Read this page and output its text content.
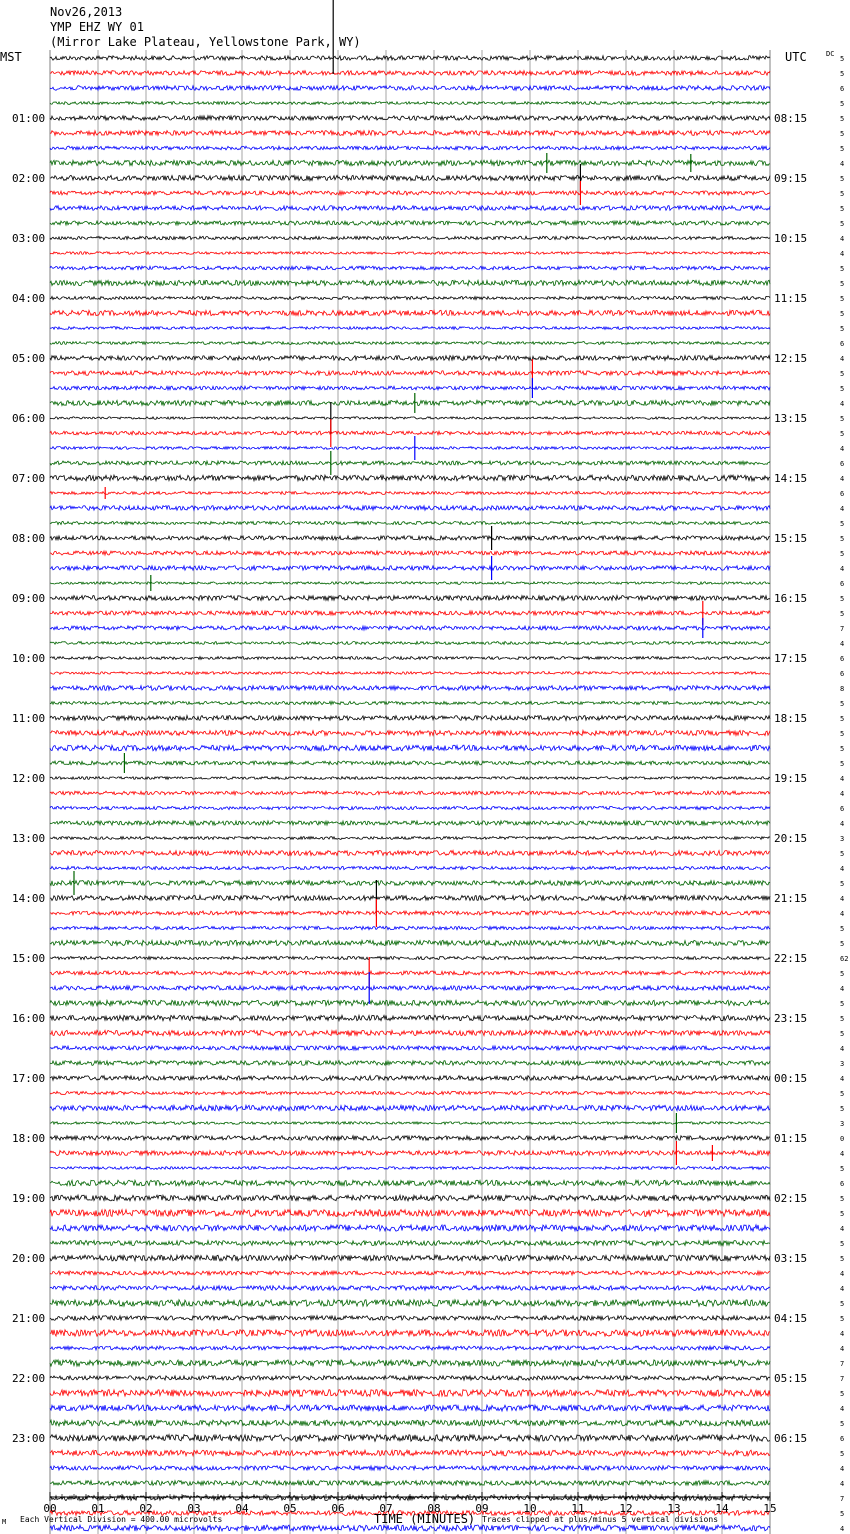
Nov26,2013
YMP EHZ WY 01
(Mirror Lake Plateau, Yellowstone Park, WY)
MST	UTC	DC
5
5
6
5
5
5
5
4
5
5
5
5
4
4
5
5
5
5
5
6
4
5
5
4
5
5
4
6
4
6
4
5
5
5
4
6
5
5
7
4
6
6
8
5
5
5
5
5
4
4
6
4
3
5
4
5
4
4
5
5
62
5
4
5
5
5
4
3
4
5
5
3
0
4
5
6
5
5
4
5
5
4
4
5
5
4
4
7
7
5
4
5
6
5
4
4
7
5
4
01:00	08:15
02:00	09:15
03:00	10:15
04:00	11:15
05:00	12:15
06:00	13:15
07:00	14:15
08:00	15:15
09:00	16:15
10:00	17:15
11:00	18:15
12:00	19:15
13:00	20:15
14:00	21:15
15:00	22:15
16:00	23:15
17:00	00:15
18:00	01:15
19:00	02:15
20:00	03:15
21:00	04:15
22:00	05:15
23:00	06:15
00	01	02	03	04	05	06	07	08	09	10	11	12	13	14	15
M Each Vertical Division = 400.00 microvolts	TIME (MINUTES) Traces clipped at plus/minus 5 vertical divisions
